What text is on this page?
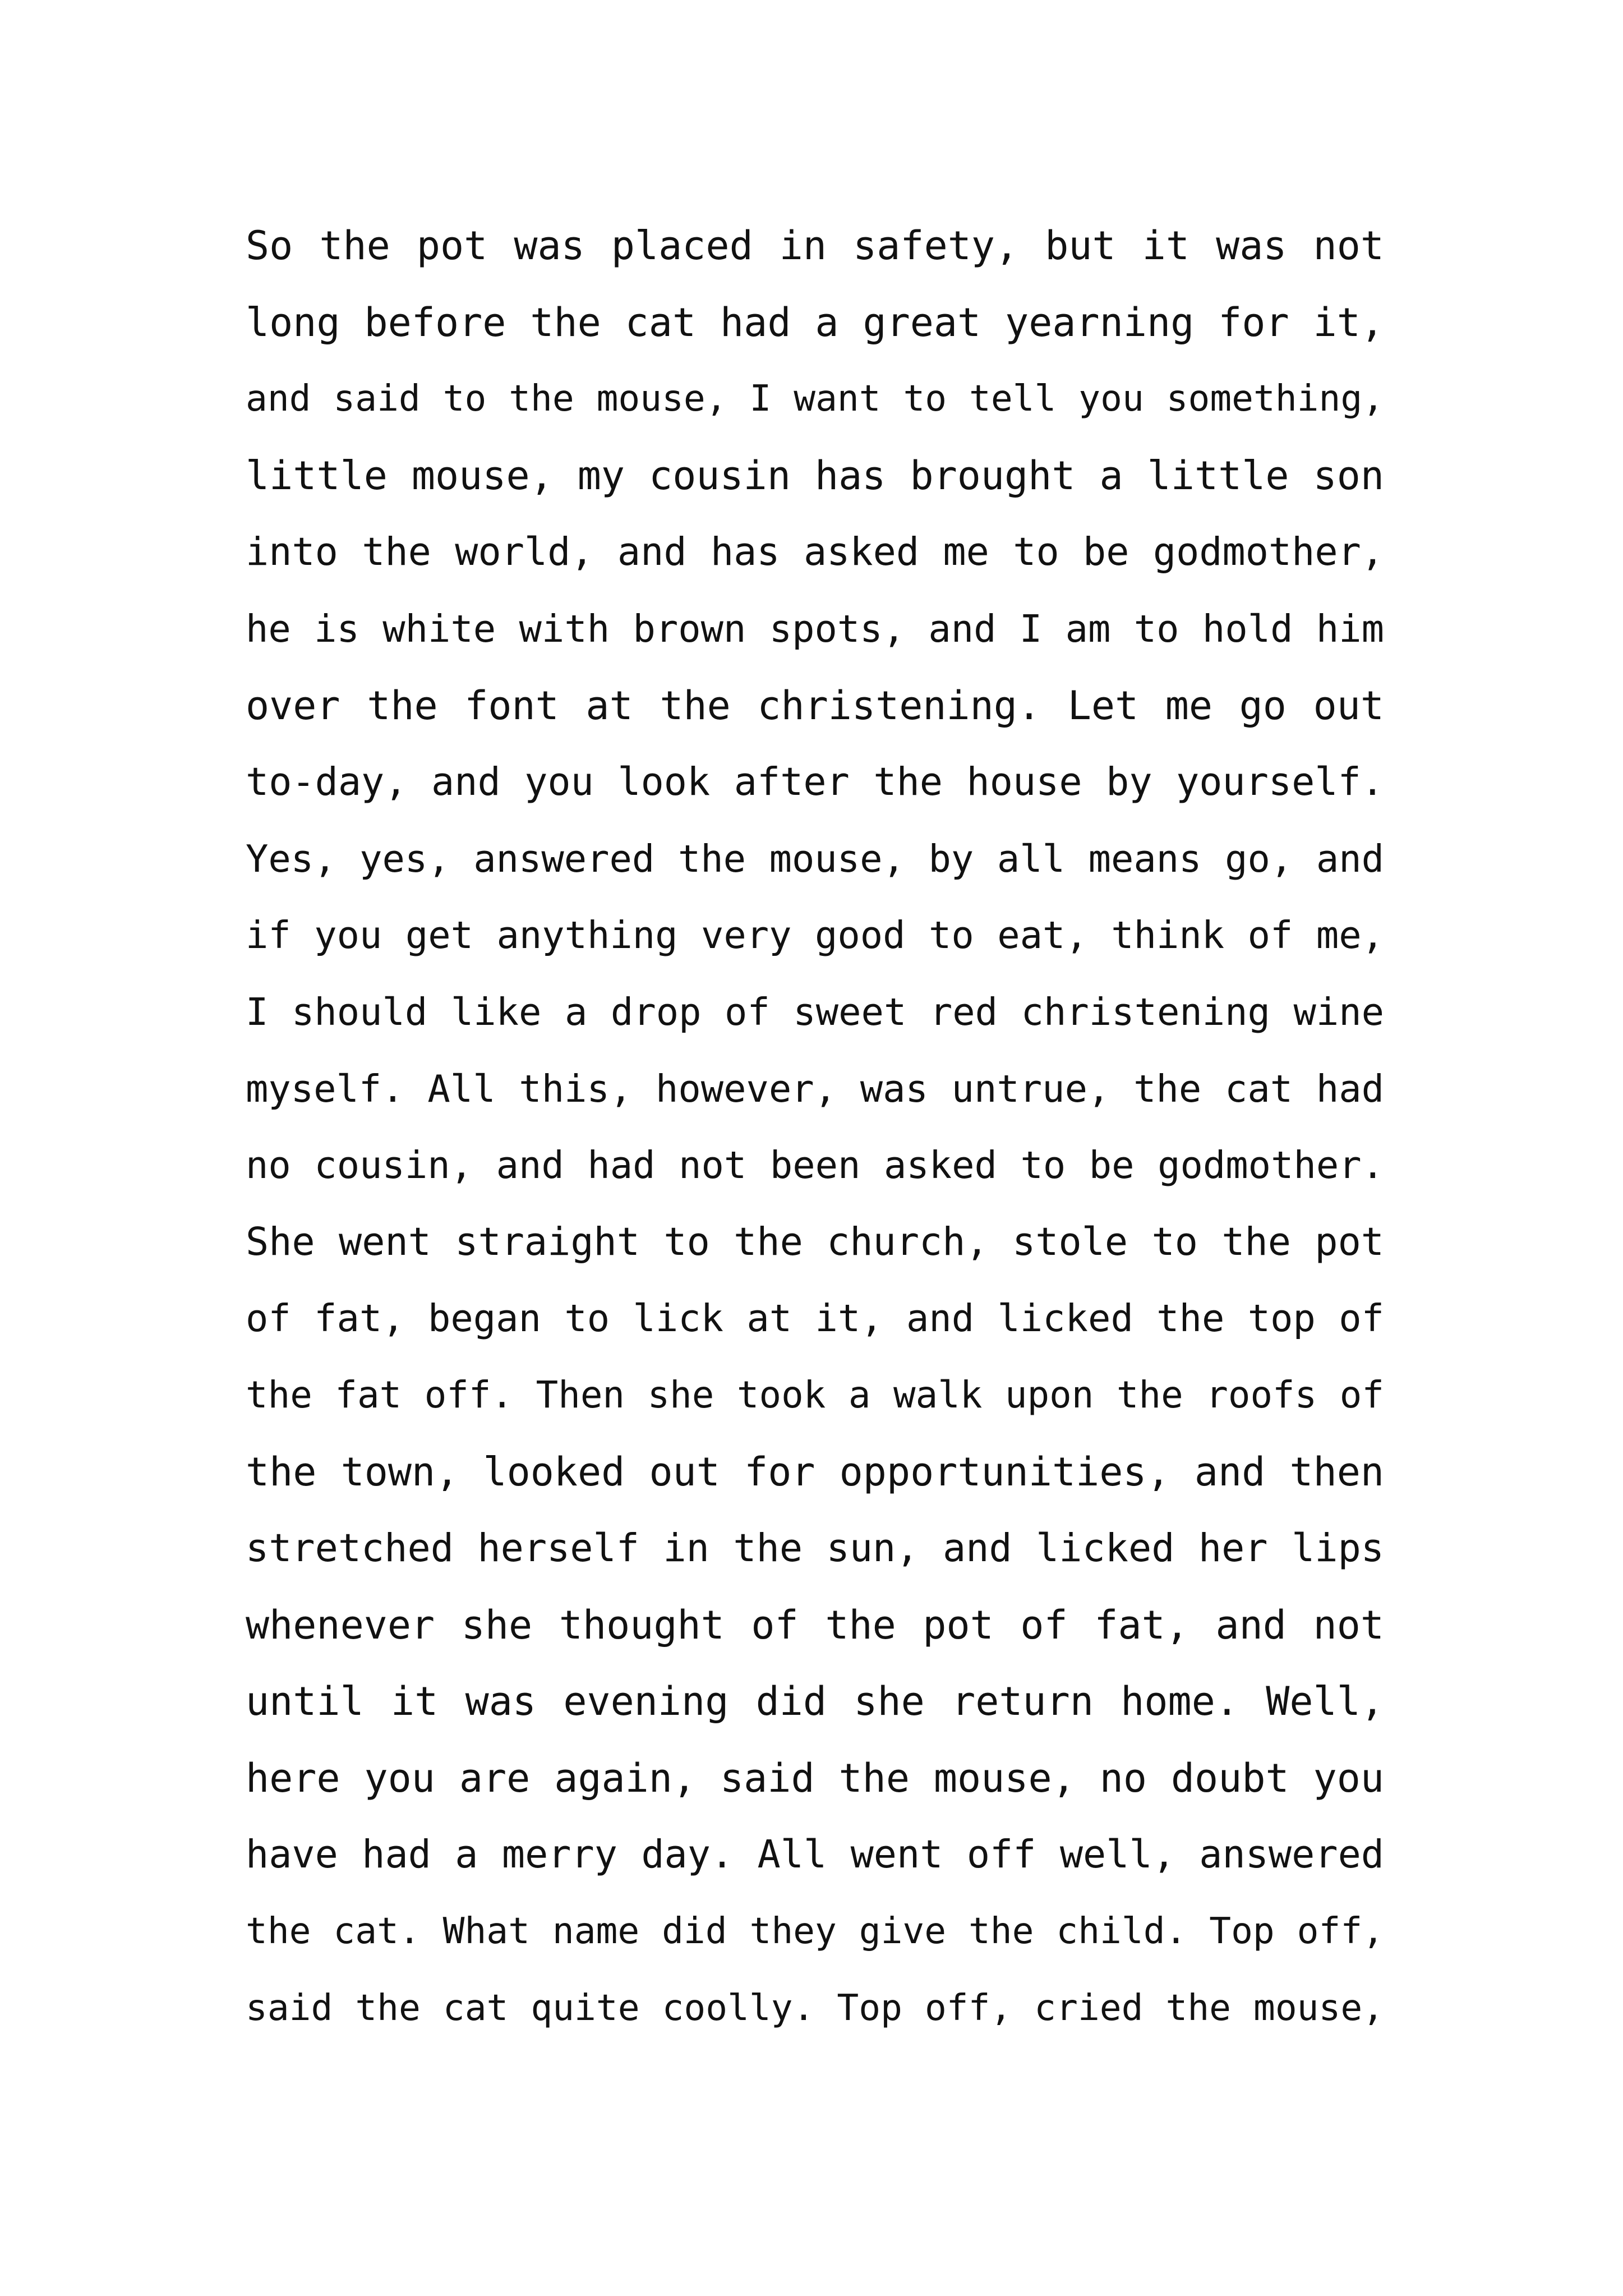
So the pot was placed in safety, but it was not
long before the cat had a great yearning for it,
and said to the mouse, I want to tell you something,
little mouse, my cousin has brought a little son
into the world, and has asked me to be godmother,
he is white with brown spots, and I am to hold him
over the font at the christening. Let me go out
to-day, and you look after the house by yourself.
Yes, yes, answered the mouse, by all means go, and
if you get anything very good to eat, think of me,
I should like a drop of sweet red christening wine
myself. All this, however, was untrue, the cat had
no cousin, and had not been asked to be godmother.
She went straight to the church, stole to the pot
of fat, began to lick at it, and licked the top of
the fat off. Then she took a walk upon the roofs of
the town, looked out for opportunities, and then
stretched herself in the sun, and licked her lips
whenever she thought of the pot of fat, and not
until it was evening did she return home. Well,
here you are again, said the mouse, no doubt you
have had a merry day. All went off well, answered
the cat. What name did they give the child. Top off,
said the cat quite coolly. Top off, cried the mouse,
